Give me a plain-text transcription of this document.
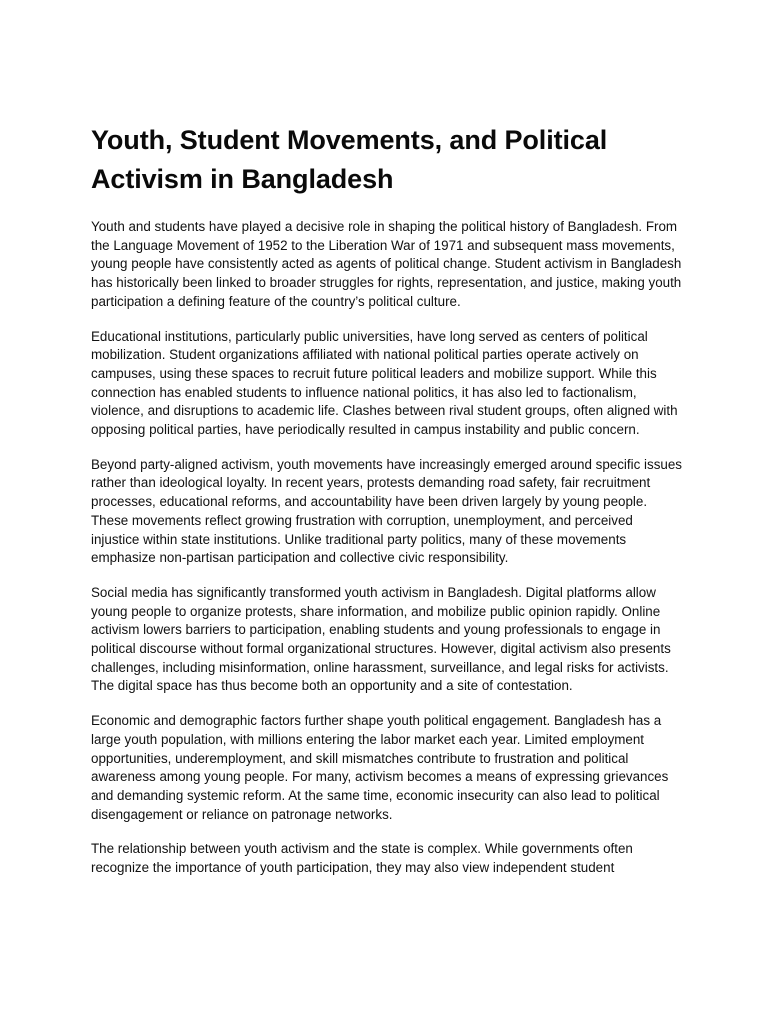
Youth, Student Movements, and Political Activism in Bangladesh

Youth and students have played a decisive role in shaping the political history of Bangladesh. From the Language Movement of 1952 to the Liberation War of 1971 and subsequent mass movements, young people have consistently acted as agents of political change. Student activism in Bangladesh has historically been linked to broader struggles for rights, representation, and justice, making youth participation a defining feature of the country’s political culture.

Educational institutions, particularly public universities, have long served as centers of political mobilization. Student organizations affiliated with national political parties operate actively on campuses, using these spaces to recruit future political leaders and mobilize support. While this connection has enabled students to influence national politics, it has also led to factionalism, violence, and disruptions to academic life. Clashes between rival student groups, often aligned with opposing political parties, have periodically resulted in campus instability and public concern.

Beyond party-aligned activism, youth movements have increasingly emerged around specific issues rather than ideological loyalty. In recent years, protests demanding road safety, fair recruitment processes, educational reforms, and accountability have been driven largely by young people. These movements reflect growing frustration with corruption, unemployment, and perceived injustice within state institutions. Unlike traditional party politics, many of these movements emphasize non-partisan participation and collective civic responsibility.

Social media has significantly transformed youth activism in Bangladesh. Digital platforms allow young people to organize protests, share information, and mobilize public opinion rapidly. Online activism lowers barriers to participation, enabling students and young professionals to engage in political discourse without formal organizational structures. However, digital activism also presents challenges, including misinformation, online harassment, surveillance, and legal risks for activists. The digital space has thus become both an opportunity and a site of contestation.

Economic and demographic factors further shape youth political engagement. Bangladesh has a large youth population, with millions entering the labor market each year. Limited employment opportunities, underemployment, and skill mismatches contribute to frustration and political awareness among young people. For many, activism becomes a means of expressing grievances and demanding systemic reform. At the same time, economic insecurity can also lead to political disengagement or reliance on patronage networks.

The relationship between youth activism and the state is complex. While governments often recognize the importance of youth participation, they may also view independent student
